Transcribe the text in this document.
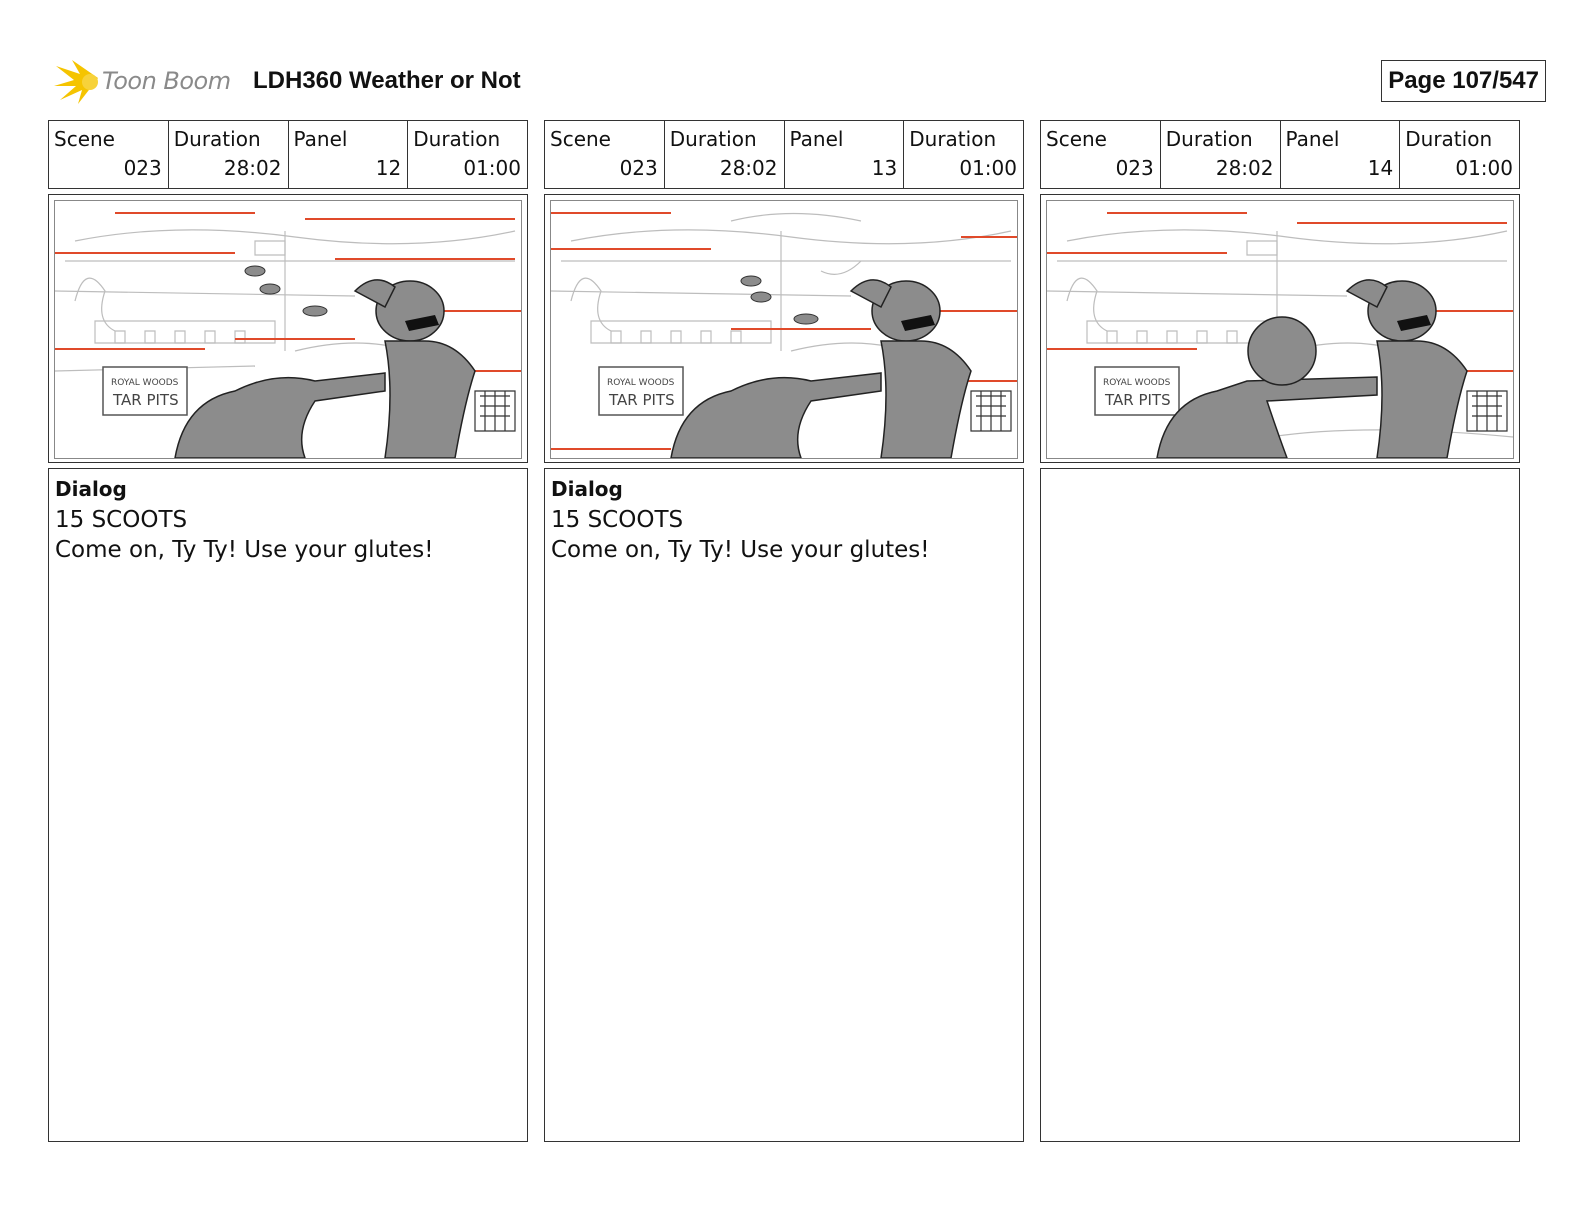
Toon Boom LDH360 Weather or Not	Page 107/547
Scene
023
Duration
28:02
Panel
12
Duration
01:00
ROYAL WOODS
TAR PITS
Dialog
15 SCOOTS
Come on, Ty Ty! Use your glutes!
Scene
023
Duration
28:02
Panel
13
Duration
01:00
ROYAL WOODS
TAR PITS
Dialog
15 SCOOTS
Come on, Ty Ty! Use your glutes!
Scene
023
Duration
28:02
Panel
14
Duration
01:00
ROYAL WOODS
TAR PITS
